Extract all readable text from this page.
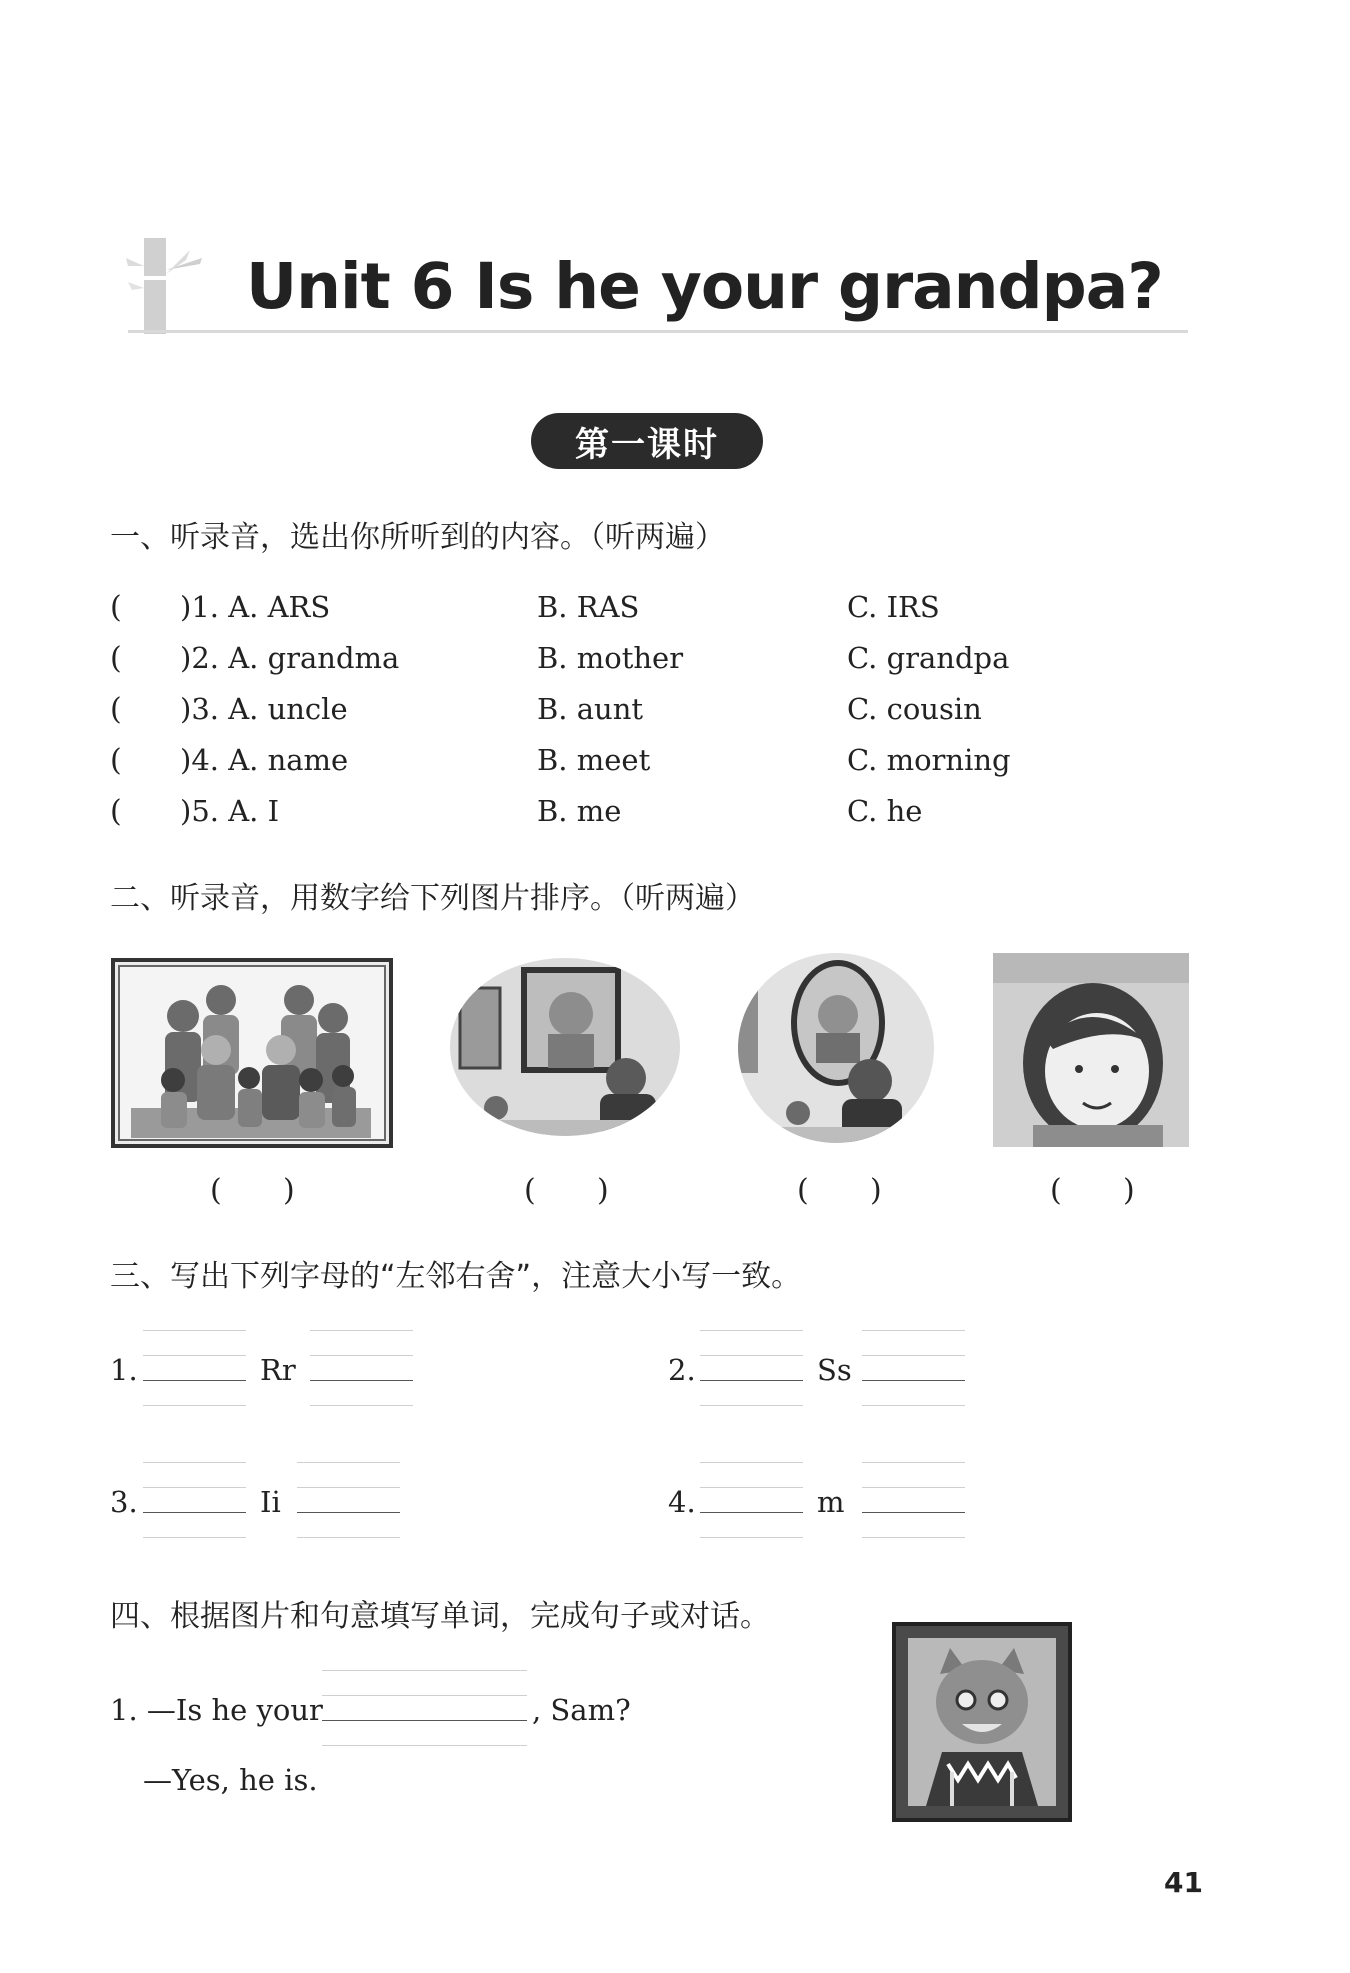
Unit 6 Is he your grandpa?
第一课时
一、听录音，选出你所听到的内容。（听两遍）
( )1. A. ARS	B. RAS	C. IRS
( )2. A. grandma	B. mother	C. grandpa
( )3. A. uncle	B. aunt	C. cousin
( )4. A. name	B. meet	C. morning
( )5. A. I	B. me	C. he
二、听录音，用数字给下列图片排序。（听两遍）
( )	( )	( )	( )
三、写出下列字母的“左邻右舍”，注意大小写一致。
1.	Rr	2.	Ss
3.	Ii	4.	m
四、根据图片和句意填写单词，完成句子或对话。
1. —Is he your	, Sam?
—Yes, he is.
41
